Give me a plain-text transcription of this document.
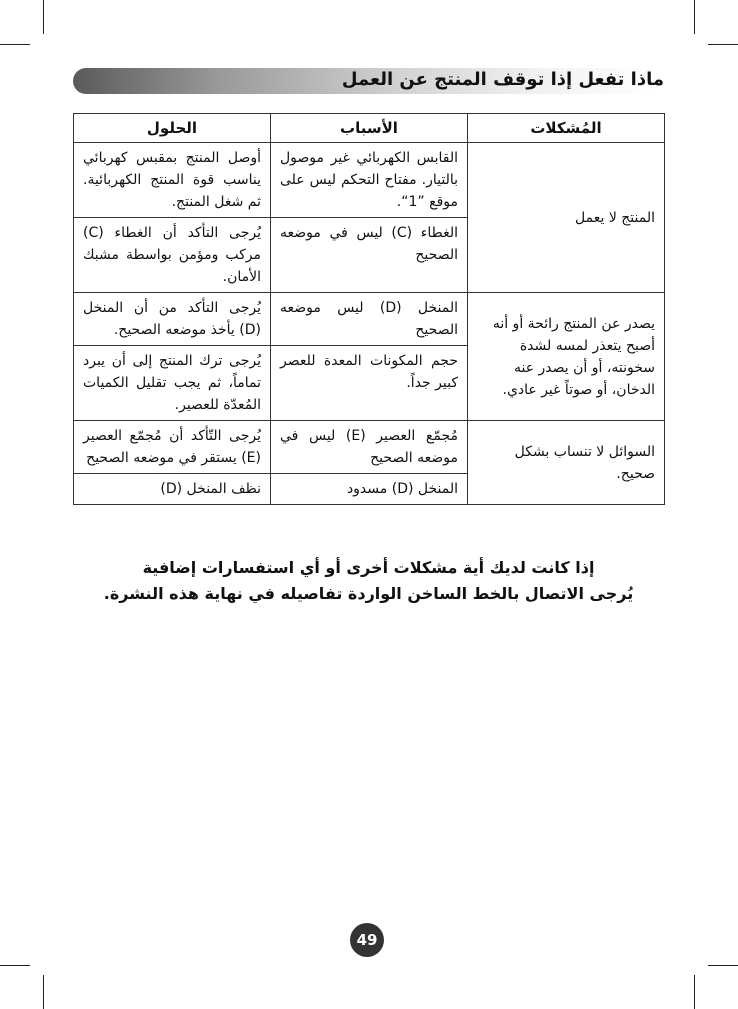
ماذا تفعل إذا توقف المنتج عن العمل
المُشكلات	الأسباب	الحلول
المنتج لا يعمل	القابس الكهربائي غير موصول بالتيار. مفتاح التحكم ليس على موقع ”1“.	أوصل المنتج بمقبس كهربائي يناسب قوة المنتج الكهربائية. ثم شغل المنتج.
	الغطاء (C) ليس في موضعه الصحيح	يُرجى التأكد أن الغطاء (C) مركب ومؤمن بواسطة مشبك الأمان.
يصدر عن المنتج رائحة أو أنه أصبح يتعذر لمسه لشدة سخونته، أو أن يصدر عنه الدخان، أو صوتاً غير عادي.	المنخل (D) ليس موضعه الصحيح	يُرجى التأكد من أن المنخل (D) يأخذ موضعه الصحيح.
	حجم المكونات المعدة للعصر كبير جداً.	يُرجى ترك المنتج إلى أن يبرد تماماً، ثم يجب تقليل الكميات المُعدّة للعصير.
السوائل لا تنساب بشكل صحيح.	مُجمّع العصير (E) ليس في موضعه الصحيح	يُرجى التّأكد أن مُجمّع العصير (E) يستقر في موضعه الصحيح
	المنخل (D) مسدود	نظف المنخل (D)
إذا كانت لديك أية مشكلات أخرى أو أي استفسارات إضافية
يُرجى الاتصال بالخط الساخن الواردة تفاصيله في نهاية هذه النشرة.
49
